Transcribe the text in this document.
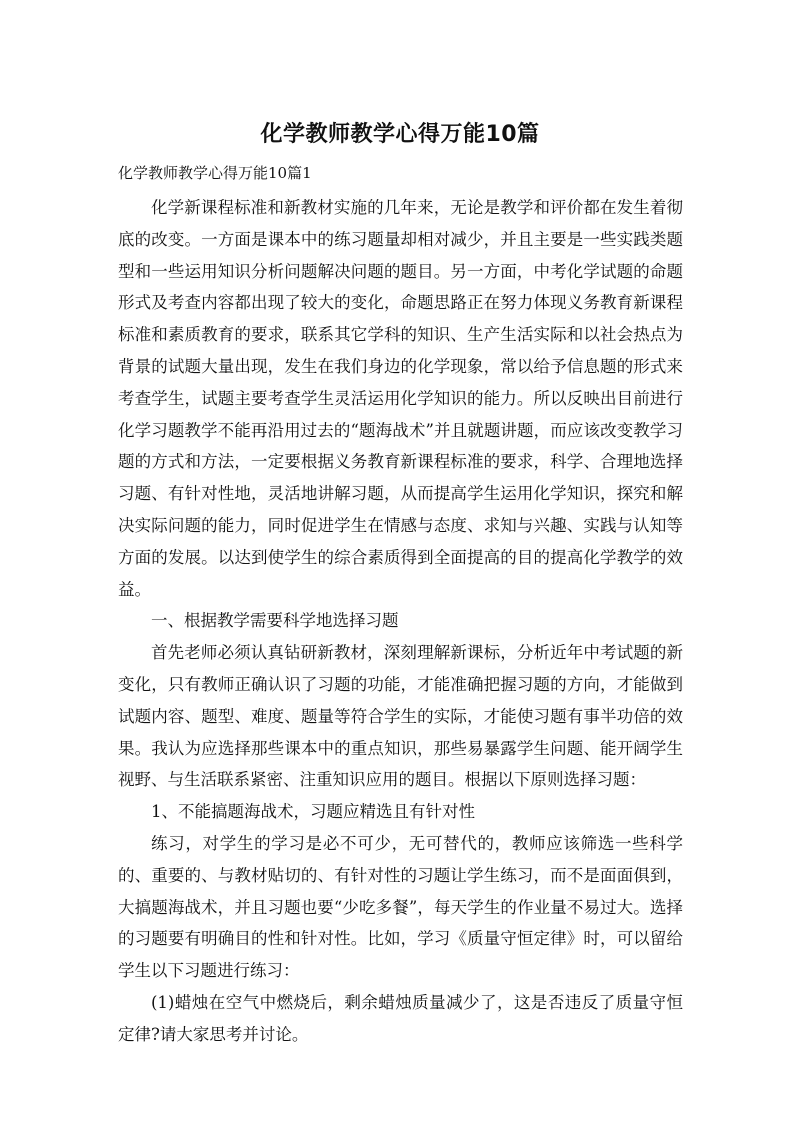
化学教师教学心得万能10篇
化学教师教学心得万能10篇1

化学新课程标准和新教材实施的几年来，无论是教学和评价都在发生着彻底的改变。一方面是课本中的练习题量却相对减少，并且主要是一些实践类题型和一些运用知识分析问题解决问题的题目。另一方面，中考化学试题的命题形式及考查内容都出现了较大的变化，命题思路正在努力体现义务教育新课程标准和素质教育的要求，联系其它学科的知识、生产生活实际和以社会热点为背景的试题大量出现，发生在我们身边的化学现象，常以给予信息题的形式来考查学生，试题主要考查学生灵活运用化学知识的能力。所以反映出目前进行化学习题教学不能再沿用过去的“题海战术”并且就题讲题，而应该改变教学习题的方式和方法，一定要根据义务教育新课程标准的要求，科学、合理地选择习题、有针对性地，灵活地讲解习题，从而提高学生运用化学知识，探究和解决实际问题的能力，同时促进学生在情感与态度、求知与兴趣、实践与认知等方面的发展。以达到使学生的综合素质得到全面提高的目的提高化学教学的效益。

一、根据教学需要科学地选择习题

首先老师必须认真钻研新教材，深刻理解新课标，分析近年中考试题的新变化，只有教师正确认识了习题的功能，才能准确把握习题的方向，才能做到试题内容、题型、难度、题量等符合学生的实际，才能使习题有事半功倍的效果。我认为应选择那些课本中的重点知识，那些易暴露学生问题、能开阔学生视野、与生活联系紧密、注重知识应用的题目。根据以下原则选择习题：

1、不能搞题海战术，习题应精选且有针对性

练习，对学生的学习是必不可少，无可替代的，教师应该筛选一些科学的、重要的、与教材贴切的、有针对性的习题让学生练习，而不是面面俱到，大搞题海战术，并且习题也要“少吃多餐”，每天学生的作业量不易过大。选择的习题要有明确目的性和针对性。比如，学习《质量守恒定律》时，可以留给学生以下习题进行练习：

(1)蜡烛在空气中燃烧后，剩余蜡烛质量减少了，这是否违反了质量守恒定律?请大家思考并讨论。
